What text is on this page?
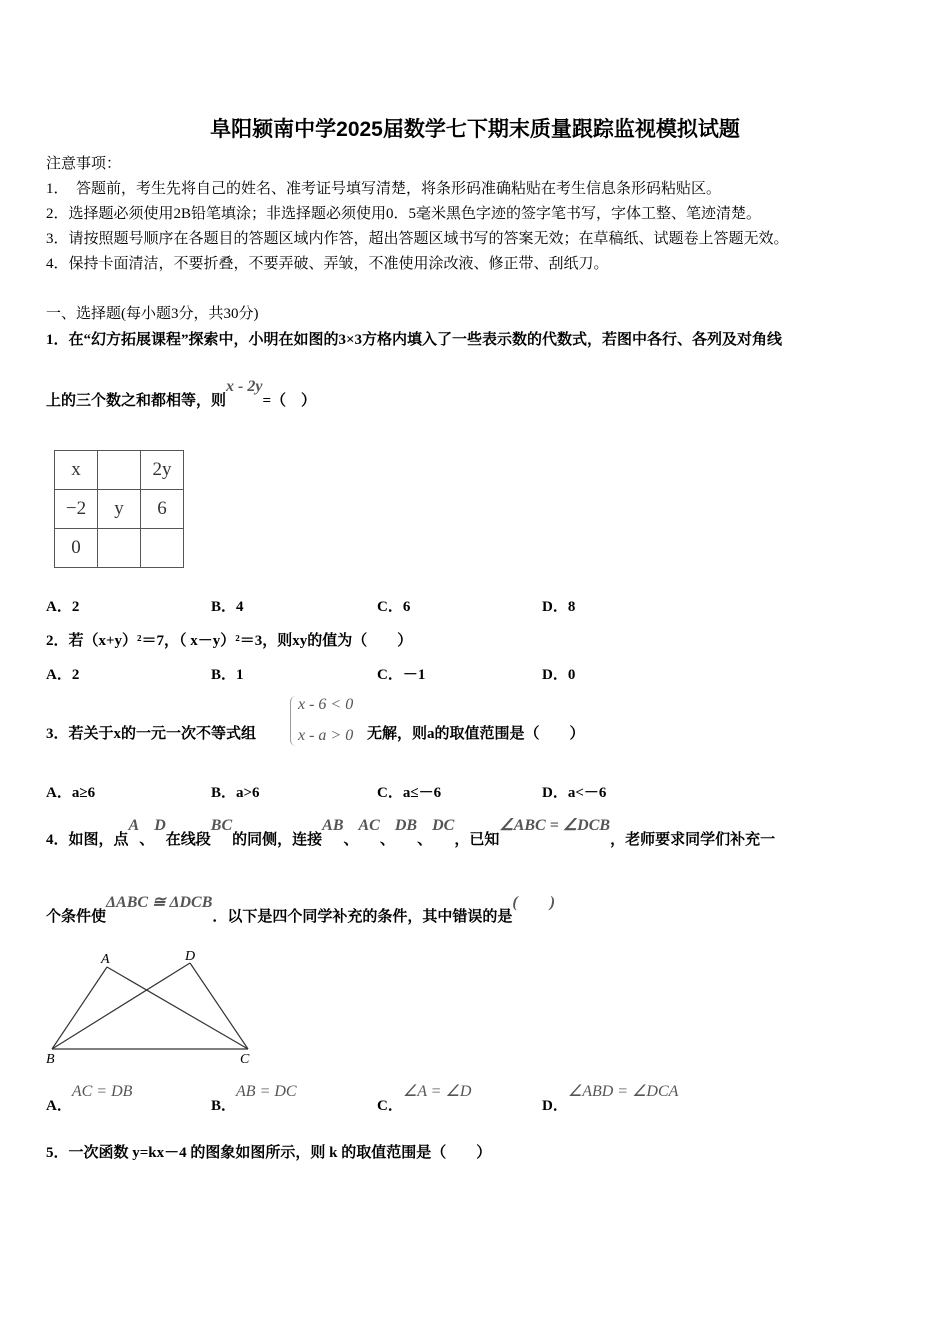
阜阳颍南中学2025届数学七下期末质量跟踪监视模拟试题
注意事项：
1．　答题前，考生先将自己的姓名、准考证号填写清楚，将条形码准确粘贴在考生信息条形码粘贴区。
2．选择题必须使用2B铅笔填涂；非选择题必须使用0．5毫米黑色字迹的签字笔书写，字体工整、笔迹清楚。
3．请按照题号顺序在各题目的答题区域内作答，超出答题区域书写的答案无效；在草稿纸、试题卷上答题无效。
4．保持卡面清洁，不要折叠，不要弄破、弄皱，不准使用涂改液、修正带、刮纸刀。
一、选择题(每小题3分，共30分)
1．在“幻方拓展课程”探索中，小明在如图的3×3方格内填入了一些表示数的代数式，若图中各行、各列及对角线
上的三个数之和都相等，则x - 2y=（　）
x		2y
−2	y	6
0		
A．2	B．4	C．6	D．8
2．若（x+y）²＝7，（ x－y）²＝3，则xy的值为（　　）
A．2	B．1	C．－1	D．0
3．若关于x的一元一次不等式组
x - 6 < 0
x - a > 0 无解，则a的取值范围是（　　）
A．a≥6	B．a>6	C．a≤－6	D．a<－6
4．如图，点A、D在线段BC的同侧，连接AB、AC、DB、DC，已知∠ABC = ∠DCB，老师要求同学们补充一
个条件使ΔABC ≅ ΔDCB．以下是四个同学补充的条件，其中错误的是(　　)
A	D
B	C
A．AC = DB
B．AB = DC
C．∠A = ∠D
D．∠ABD = ∠DCA
5．一次函数 y=kx－4 的图象如图所示，则 k 的取值范围是（　　）
